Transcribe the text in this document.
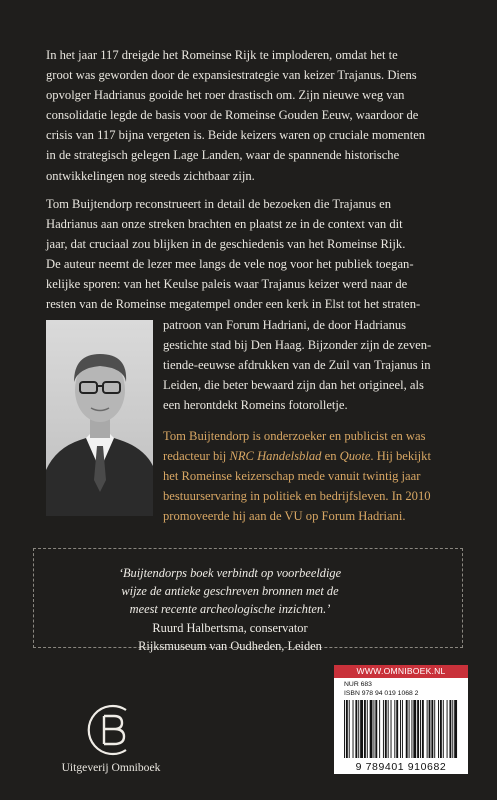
In het jaar 117 dreigde het Romeinse Rijk te imploderen, omdat het te
groot was geworden door de expansiestrategie van keizer Trajanus. Diens
opvolger Hadrianus gooide het roer drastisch om. Zijn nieuwe weg van
consolidatie legde de basis voor de Romeinse Gouden Eeuw, waardoor de
crisis van 117 bijna vergeten is. Beide keizers waren op cruciale momenten
in de strategisch gelegen Lage Landen, waar de spannende historische
ontwikkelingen nog steeds zichtbaar zijn.
Tom Buijtendorp reconstrueert in detail de bezoeken die Trajanus en
Hadrianus aan onze streken brachten en plaatst ze in de context van dit
jaar, dat cruciaal zou blijken in de geschiedenis van het Romeinse Rijk.
De auteur neemt de lezer mee langs de vele nog voor het publiek toegan-
kelijke sporen: van het Keulse paleis waar Trajanus keizer werd naar de
resten van de Romeinse megatempel onder een kerk in Elst tot het straten-
patroon van Forum Hadriani, de door Hadrianus
gestichte stad bij Den Haag. Bijzonder zijn de zeven-
tiende-eeuwse afdrukken van de Zuil van Trajanus in
Leiden, die beter bewaard zijn dan het origineel, als
een herontdekt Romeins fotorolletje.
Tom Buijtendorp is onderzoeker en publicist en was
redacteur bij NRC Handelsblad en Quote. Hij bekijkt
het Romeinse keizerschap mede vanuit twintig jaar
bestuurservaring in politiek en bedrijfsleven. In 2010
promoveerde hij aan de VU op Forum Hadriani.
‘Buijtendorps boek verbindt op voorbeeldige
wijze de antieke geschreven bronnen met de
meest recente archeologische inzichten.’
Ruurd Halbertsma, conservator
Rijksmuseum van Oudheden, Leiden
WWW.OMNIBOEK.NL
NUR 683
ISBN 978 94 019 1068 2
9 789401 910682
Uitgeverij Omniboek
